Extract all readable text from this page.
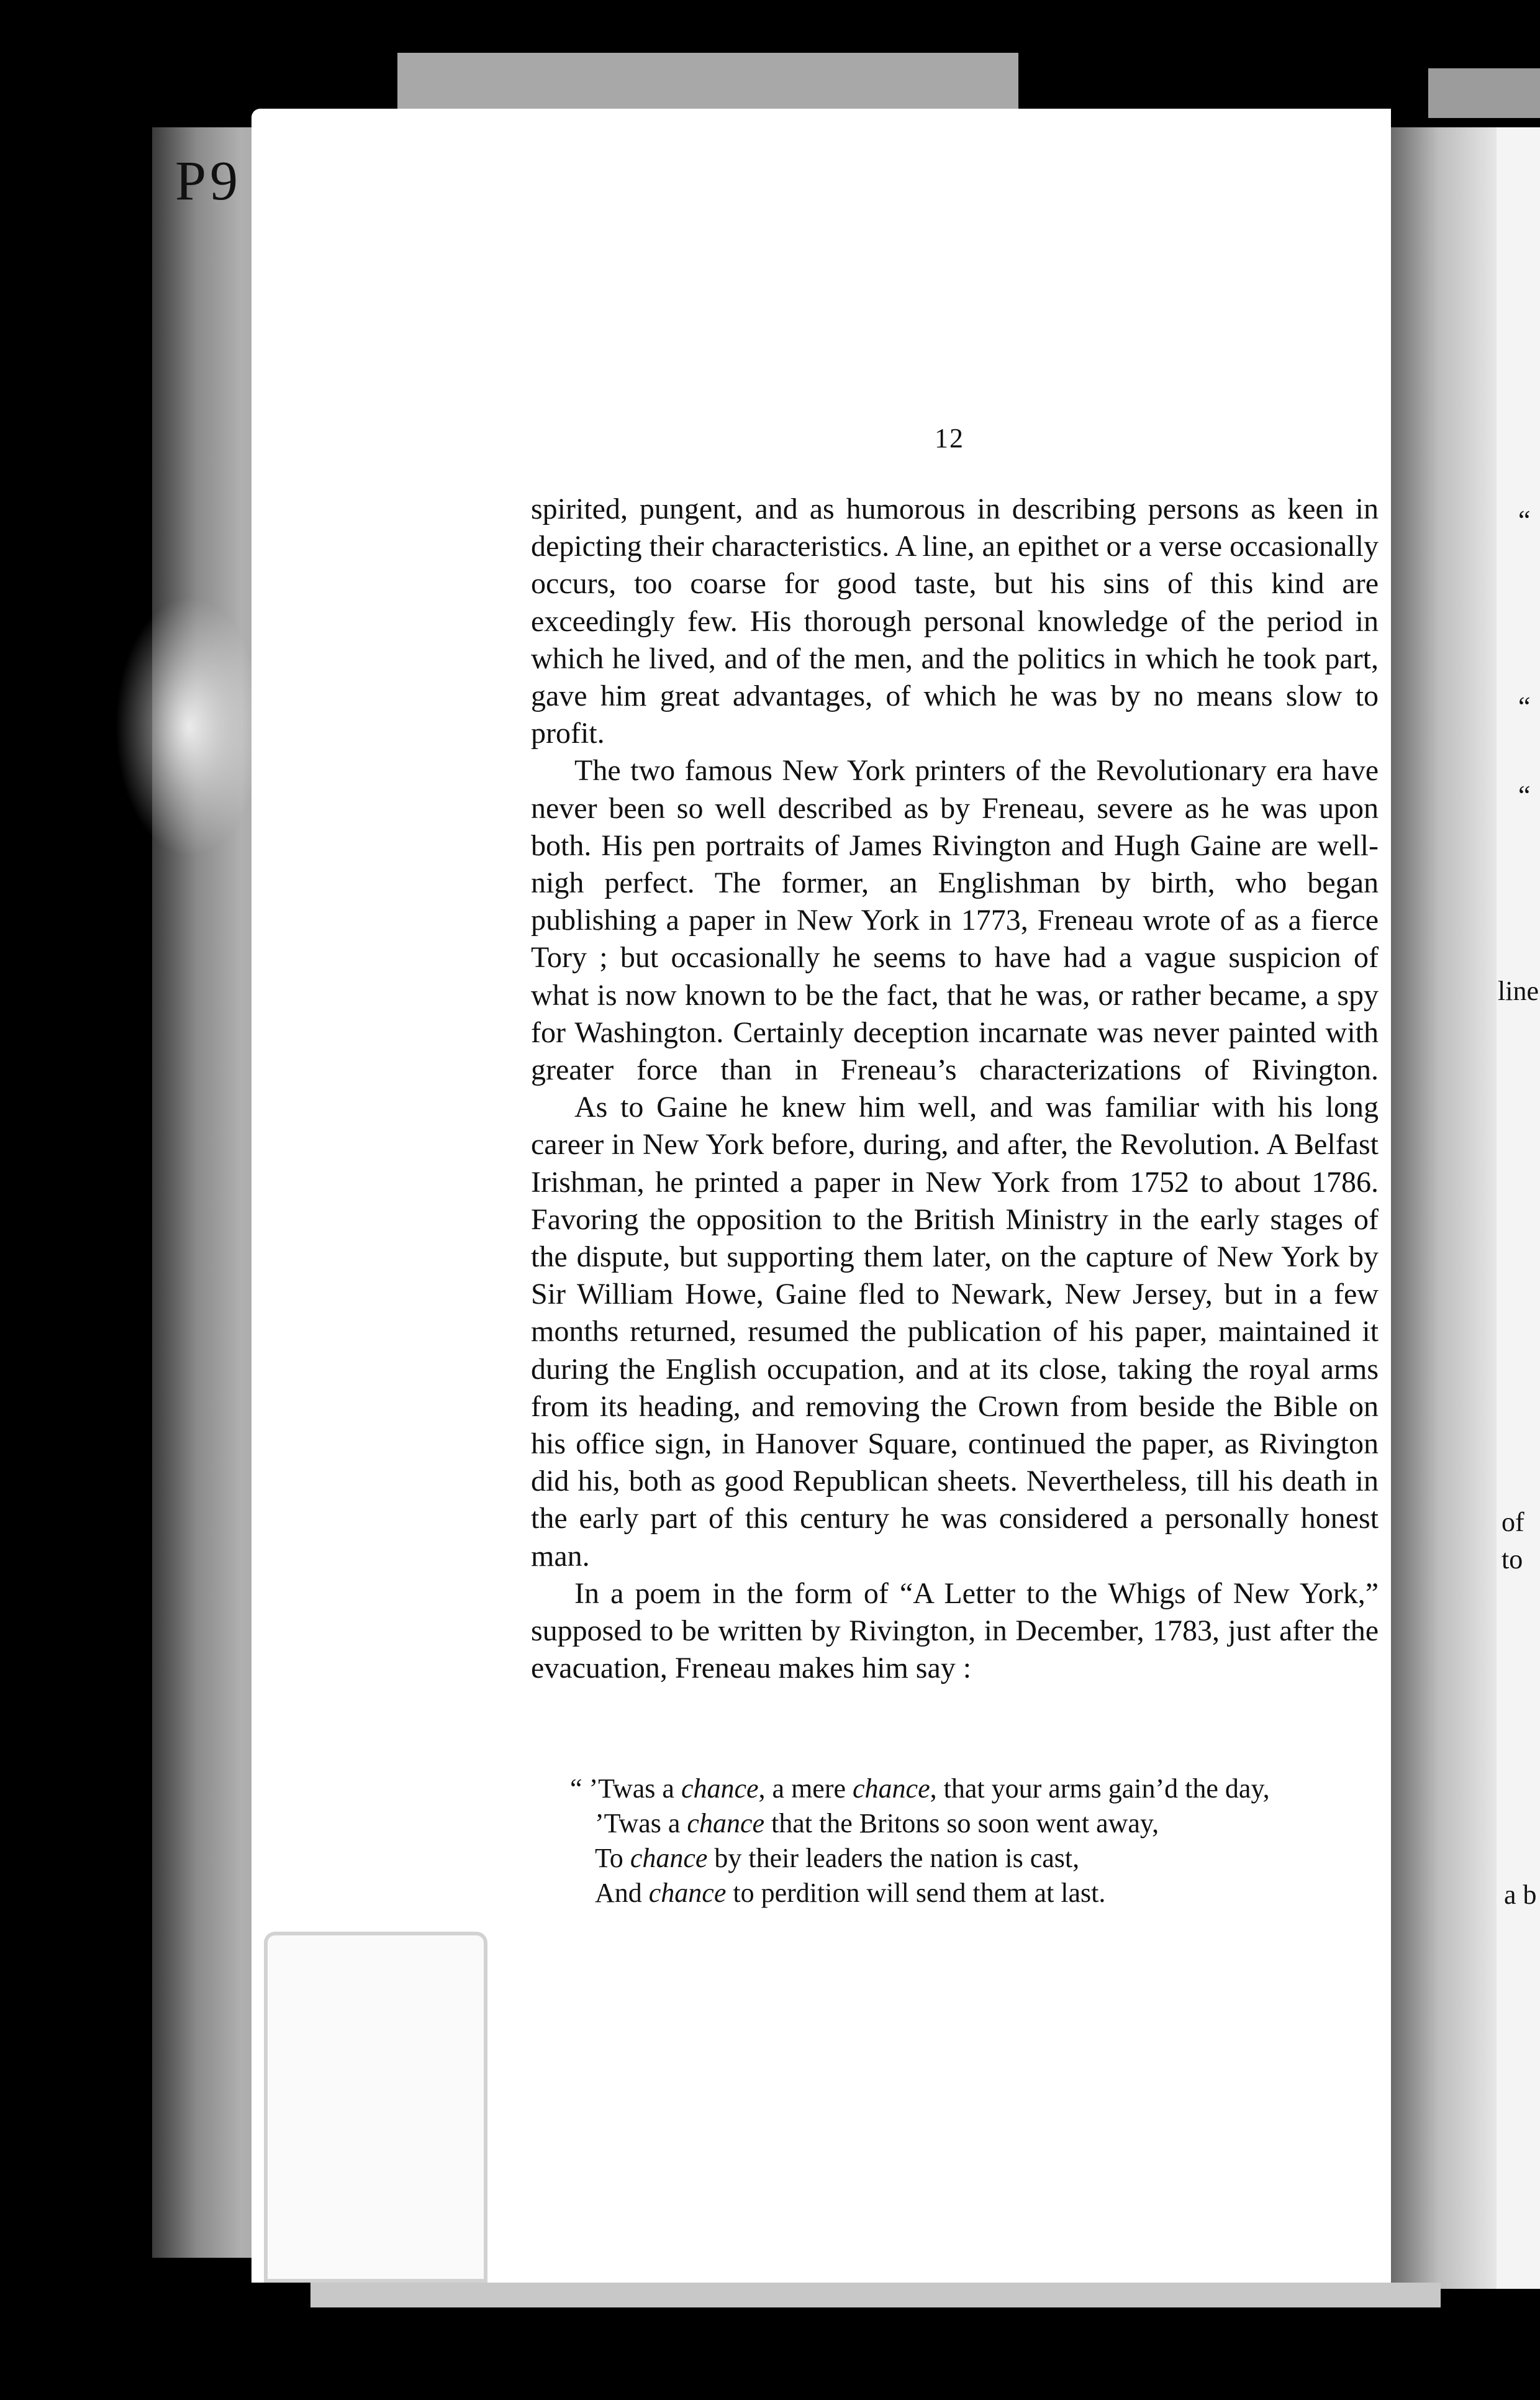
P9
“
“
“
line
of
to
a b
12

spirited, pungent, and as humorous in describing persons as keen in depicting their characteristics. A line, an epithet or a verse occasionally occurs, too coarse for good taste, but his sins of this kind are exceedingly few. His thorough personal knowledge of the period in which he lived, and of the men, and the politics in which he took part, gave him great advantages, of which he was by no means slow to profit.

The two famous New York printers of the Revolutionary era have never been so well described as by Freneau, severe as he was upon both. His pen portraits of James Rivington and Hugh Gaine are well-nigh perfect. The former, an Englishman by birth, who began publishing a paper in New York in 1773, Freneau wrote of as a fierce Tory ; but occasionally he seems to have had a vague suspicion of what is now known to be the fact, that he was, or rather became, a spy for Washington. Certainly deception incarnate was never painted with greater force than in Freneau’s characterizations of Rivington.

As to Gaine he knew him well, and was familiar with his long career in New York before, during, and after, the Revolution. A Belfast Irishman, he printed a paper in New York from 1752 to about 1786. Favoring the opposition to the British Ministry in the early stages of the dispute, but supporting them later, on the capture of New York by Sir William Howe, Gaine fled to Newark, New Jersey, but in a few months returned, resumed the publication of his paper, maintained it during the English occupation, and at its close, taking the royal arms from its heading, and removing the Crown from beside the Bible on his office sign, in Hanover Square, continued the paper, as Rivington did his, both as good Republican sheets. Nevertheless, till his death in the early part of this century he was considered a personally honest man.

In a poem in the form of “A Letter to the Whigs of New York,” supposed to be written by Rivington, in December, 1783, just after the evacuation, Freneau makes him say :

“ ’Twas a chance, a mere chance, that your arms gain’d the day,
’Twas a chance that the Britons so soon went away,
To chance by their leaders the nation is cast,
And chance to perdition will send them at last.
